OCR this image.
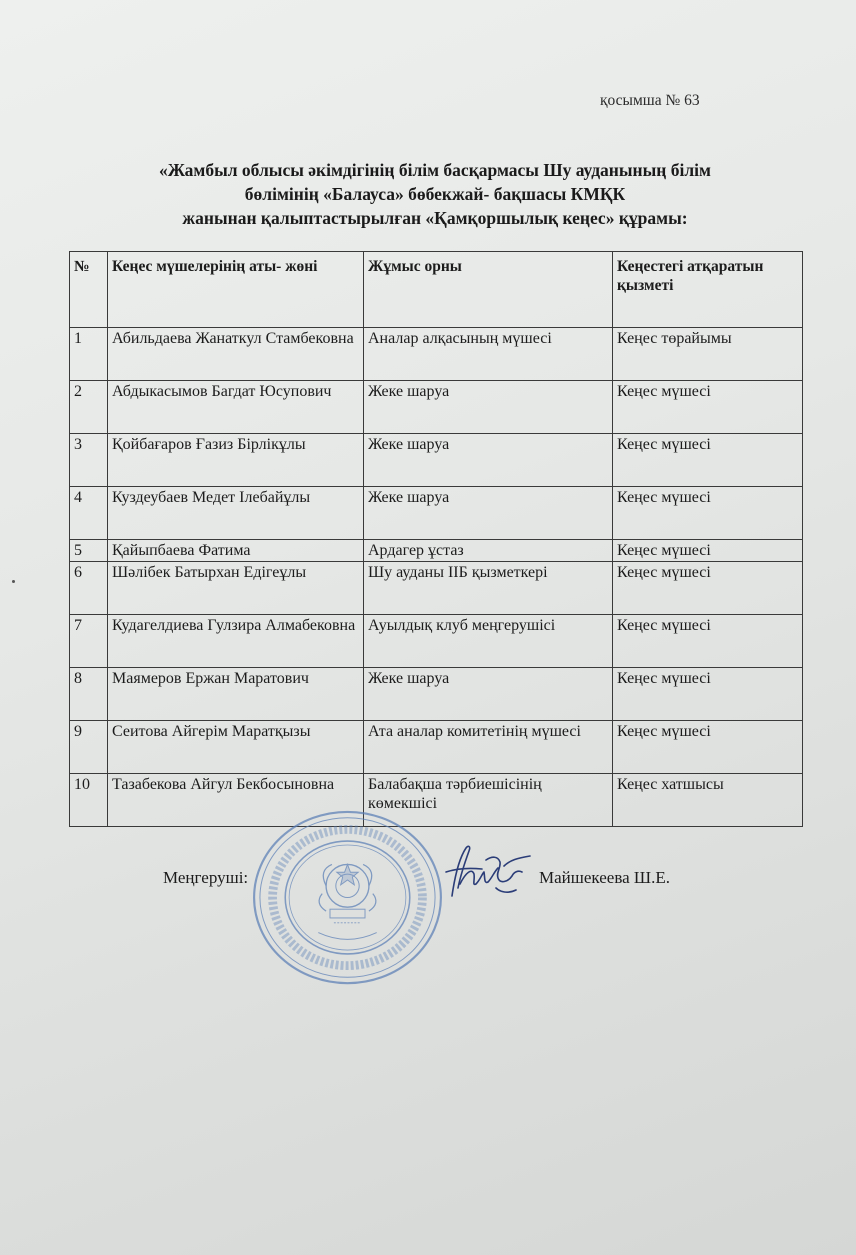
қосымша № 63
«Жамбыл облысы әкімдігінің білім басқармасы Шу ауданының білім
бөлімінің «Балауса» бөбекжай- бақшасы КМҚК
жанынан қалыптастырылған «Қамқоршылық кеңес» құрамы:
№	Кеңес мүшелерінің аты- жөні	Жұмыс орны	Кеңестегі атқаратын қызметі
1	Абильдаева Жанаткул Стамбековна	Аналар алқасының мүшесі	Кеңес төрайымы
2	Абдыкасымов Багдат Юсупович	Жеке шаруа	Кеңес мүшесі
3	Қойбағаров Ғазиз Бірлікұлы	Жеке шаруа	Кеңес мүшесі
4	Куздеубаев Медет Ілебайұлы	Жеке шаруа	Кеңес мүшесі
5	Қайыпбаева Фатима	Ардагер ұстаз	Кеңес мүшесі
6	Шәлібек Батырхан Едігеұлы	Шу ауданы ІІБ қызметкері	Кеңес мүшесі
7	Кудагелдиева Гулзира Алмабековна	Ауылдық клуб меңгерушісі	Кеңес мүшесі
8	Маямеров Ержан Маратович	Жеке шаруа	Кеңес мүшесі
9	Сеитова Айгерім Маратқызы	Ата аналар комитетінің мүшесі	Кеңес мүшесі
10	Тазабекова Айгул Бекбосыновна	Балабақша тәрбиешісінің көмекшісі	Кеңес хатшысы
Меңгеруші:	Майшекеева Ш.Е.
